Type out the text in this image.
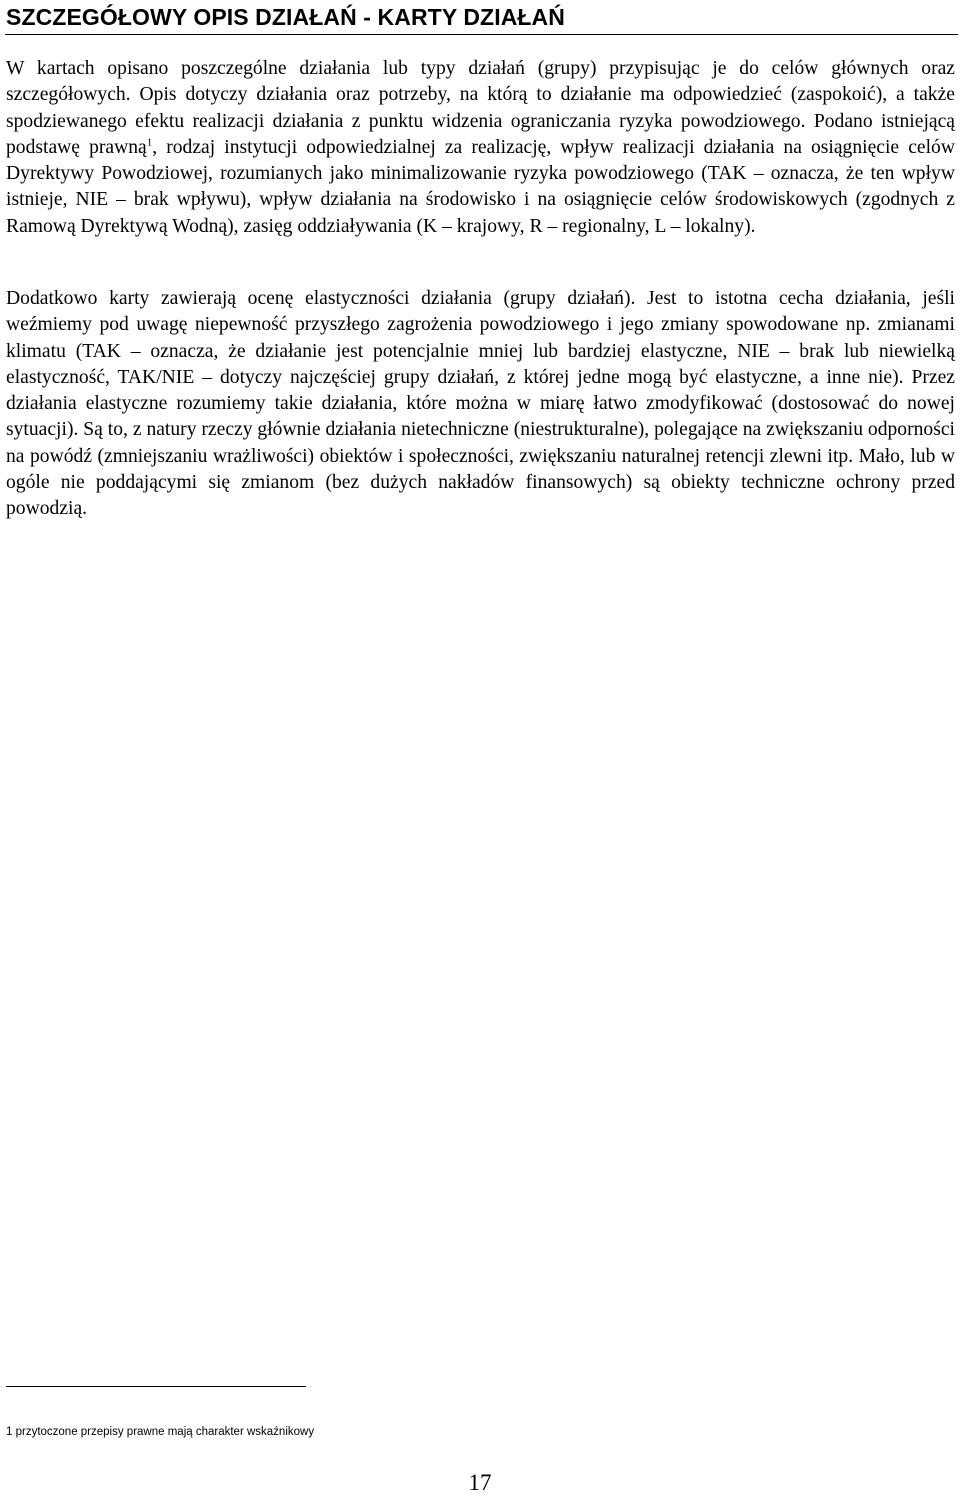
SZCZEGÓŁOWY OPIS DZIAŁAŃ - KARTY DZIAŁAŃ

W kartach opisano poszczególne działania lub typy działań (grupy) przypisując je do celów głównych oraz szczegółowych. Opis dotyczy działania oraz potrzeby, na którą to działanie ma odpowiedzieć (zaspokoić), a także spodziewanego efektu realizacji działania z punktu widzenia ograniczania ryzyka powodziowego. Podano istniejącą podstawę prawną$^1$, rodzaj instytucji odpowiedzialnej za realizację, wpływ realizacji działania na osiągnięcie celów Dyrektywy Powodziowej, rozumianych jako minimalizowanie ryzyka powodziowego (TAK – oznacza, że ten wpływ istnieje, NIE – brak wpływu), wpływ działania na środowisko i na osiągnięcie celów środowiskowych (zgodnych z Ramową Dyrektywą Wodną), zasięg oddziaływania (K – krajowy, R – regionalny, L – lokalny).

Dodatkowo karty zawierają ocenę elastyczności działania (grupy działań). Jest to istotna cecha działania, jeśli weźmiemy pod uwagę niepewność przyszłego zagrożenia powodziowego i jego zmiany spowodowane np. zmianami klimatu (TAK – oznacza, że działanie jest potencjalnie mniej lub bardziej elastyczne, NIE – brak lub niewielką elastyczność, TAK/NIE – dotyczy najczęściej grupy działań, z której jedne mogą być elastyczne, a inne nie). Przez działania elastyczne rozumiemy takie działania, które można w miarę łatwo zmodyfikować (dostosować do nowej sytuacji). Są to, z natury rzeczy głównie działania nietechniczne (niestrukturalne), polegające na zwiększaniu odporności na powódź (zmniejszaniu wrażliwości) obiektów i społeczności, zwiększaniu naturalnej retencji zlewni itp. Mało, lub w ogóle nie poddającymi się zmianom (bez dużych nakładów finansowych) są obiekty techniczne ochrony przed powodzią.

1 przytoczone przepisy prawne mają charakter wskaźnikowy
17
